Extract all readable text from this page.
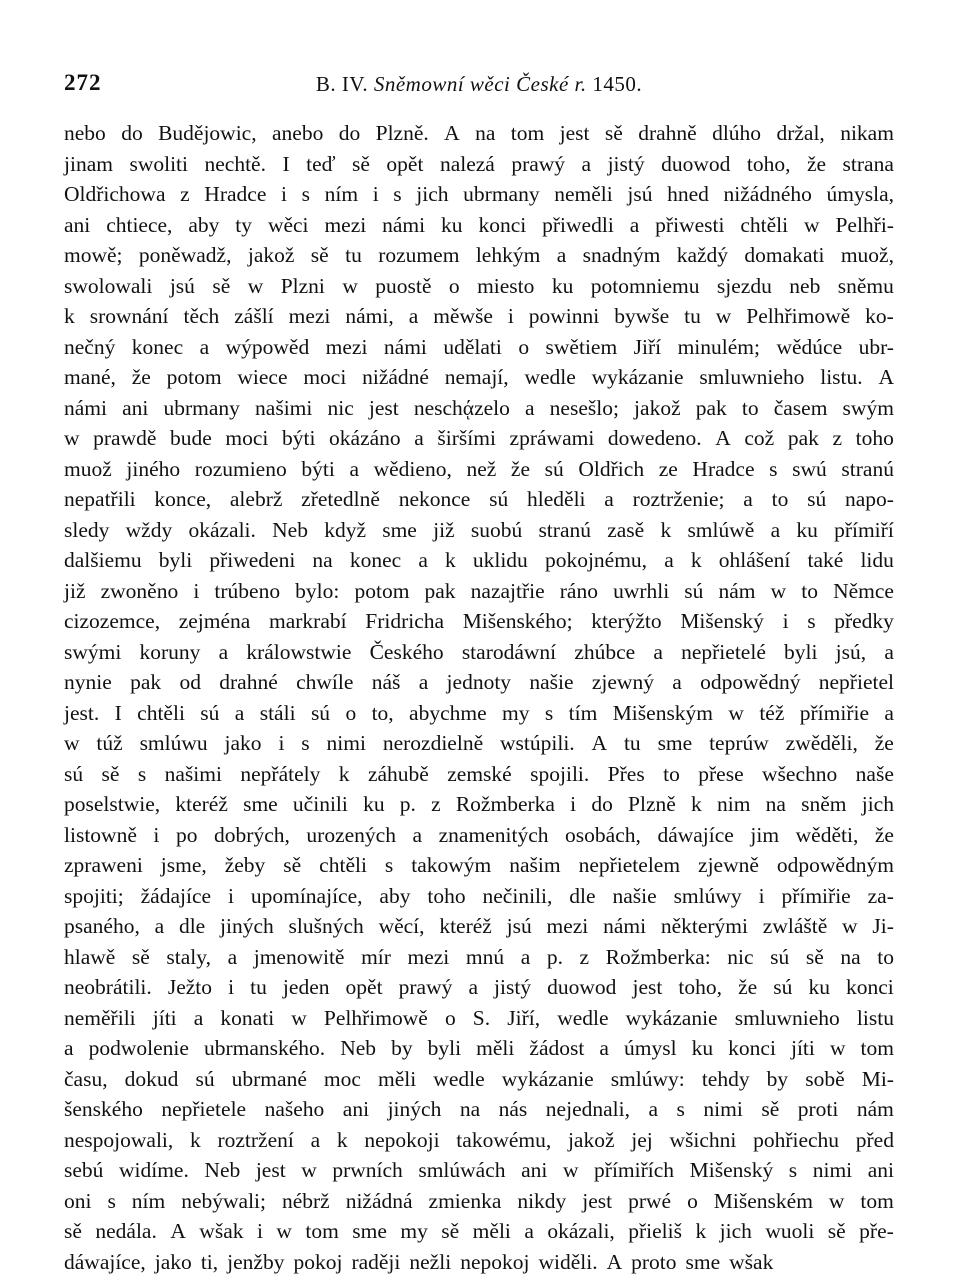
272	B. IV. Sněmowní wěci České r. 1450.
nebo do Budějowic, anebo do Plzně. A na tom jest sě drahně dlúho držal, nikam
jinam swoliti nechtě. I teď sě opět nalezá prawý a jistý duowod toho, že strana
Oldřichowa z Hradce i s ním i s jich ubrmany neměli jsú hned nižádného úmysla,
ani chtiece, aby ty wěci mezi námi ku konci přiwedli a přiwesti chtěli w Pelhři-
mowě; poněwadž, jakož sě tu rozumem lehkým a snadným každý domakati muož,
swolowali jsú sě w Plzni w puostě o miesto ku potomniemu sjezdu neb sněmu
k srownání těch zášlí mezi námi, a měwše i powinni bywše tu w Pelhřimowě ko-
nečný konec a wýpowěd mezi námi udělati o swětiem Jiří minulém; wědúce ubr-
mané, že potom wiece moci nižádné nemají, wedle wykázanie smluwnieho listu. A
námi ani ubrmany našimi nic jest neschᾴzelo a nesešlo; jakož pak to časem swým
w prawdě bude moci býti okázáno a širšími zpráwami dowedeno. A což pak z toho
muož jiného rozumieno býti a wědieno, než že sú Oldřich ze Hradce s swú stranú
nepatřili konce, alebrž zřetedlně nekonce sú hleděli a roztrženie; a to sú napo-
sledy wždy okázali. Neb když sme již suobú stranú zasě k smlúwě a ku přímiří
dalšiemu byli přiwedeni na konec a k uklidu pokojnému, a k ohlášení také lidu
již zwoněno i trúbeno bylo: potom pak nazajtřie ráno uwrhli sú nám w to Němce
cizozemce, zejména markrabí Fridricha Mišenského; kterýžto Mišenský i s předky
swými koruny a králowstwie Českého starodáwní zhúbce a nepřietelé byli jsú, a
nynie pak od drahné chwíle náš a jednoty našie zjewný a odpowědný nepřietel
jest. I chtěli sú a stáli sú o to, abychme my s tím Mišenským w též přímiřie a
w túž smlúwu jako i s nimi nerozdielně wstúpili. A tu sme teprúw zwěděli, že
sú sě s našimi nepřátely k záhubě zemské spojili. Přes to přese wšechno naše
poselstwie, kteréž sme učinili ku p. z Rožmberka i do Plzně k nim na sněm jich
listowně i po dobrých, urozených a znamenitých osobách, dáwajíce jim wěděti, že
zpraweni jsme, žeby sě chtěli s takowým našim nepřietelem zjewně odpowědným
spojiti; žádajíce i upomínajíce, aby toho nečinili, dle našie smlúwy i přímiřie za-
psaného, a dle jiných slušných wěcí, kteréž jsú mezi námi některými zwláště w Ji-
hlawě sě staly, a jmenowitě mír mezi mnú a p. z Rožmberka: nic sú sě na to
neobrátili. Ježto i tu jeden opět prawý a jistý duowod jest toho, že sú ku konci
neměřili jíti a konati w Pelhřimowě o S. Jiří, wedle wykázanie smluwnieho listu
a podwolenie ubrmanského. Neb by byli měli žádost a úmysl ku konci jíti w tom
času, dokud sú ubrmané moc měli wedle wykázanie smlúwy: tehdy by sobě Mi-
šenského nepřietele našeho ani jiných na nás nejednali, a s nimi sě proti nám
nespojowali, k roztržení a k nepokoji takowému, jakož jej wšichni pohřiechu před
sebú widíme. Neb jest w prwních smlúwách ani w přímiřích Mišenský s nimi ani
oni s ním nebýwali; nébrž nižádná zmienka nikdy jest prwé o Mišenském w tom
sě nedála. A wšak i w tom sme my sě měli a okázali, přieliš k jich wuoli sě pře-
dáwajíce, jako ti, jenžby pokoj raději nežli nepokoj widěli. A proto sme wšak
